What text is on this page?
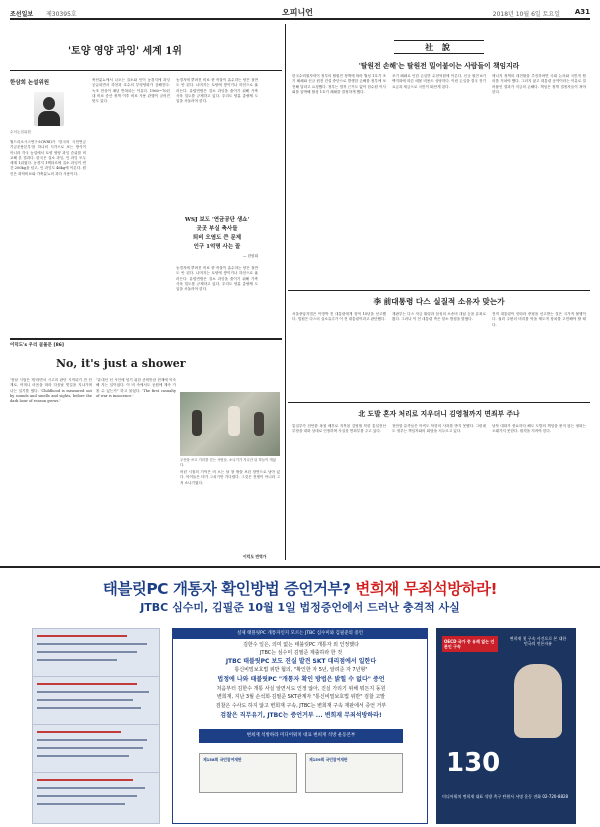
조선일보 제30395호	오피니언	2018년 10월 6일 토요일 A31
'토양 영양 과잉' 세계 1위
한삼희 논설위원
수석논설위원
월드리소시스연구소(WRI)가 '한국의 국민연금 기금운용본부'를 하나의 시각으로 보는 방식이 아니라 각국 농업에서 토양 영양 과잉 순위를 비교해 본 결과다. 한국은 질소 과잉, 인 과잉 모두 세계 1위였다. 농경지 1헥타르에 질소 과잉이 연간 200kg을 넘고, 인 과잉도 46kg에 이른다. 원인은 화학비료와 가축분뇨의 과다 사용이다.
축산분뇨에서 나오는 질소와 인이 농경지에 과잉 공급되면서 하천과 호수의 부영양화가 심해진다. 녹조 현상이 매년 반복되는 이유다. 1960~70년대 비료 증산 정책 이후 비료 사용 관행이 굳어진 탓도 있다.
농경지에 뿌려진 비료 중 작물이 흡수하는 양은 절반도 안 된다. 나머지는 토양에 쌓이거나 하천으로 흘러든다. 유럽연합은 질소 과잉을 줄이기 위해 가축 사육 밀도를 규제하고 있다. 우리도 양분 총량제 도입을 서둘러야 한다.
WSJ 보도 '연금공단 생쇼'
곳곳 부실 축사들
퇴비 오염도 큰 문제
인구 1억명 사는 꼴
— 한삼희
농경지에 뿌려진 비료 중 작물이 흡수하는 양은 절반도 안 된다. 나머지는 토양에 쌓이거나 하천으로 흘러든다. 유럽연합은 질소 과잉을 줄이기 위해 가축 사육 밀도를 규제하고 있다. 우리도 양분 총량제 도입을 서둘러야 한다.
이덕도's 우리 골몰문 [86]
No, it's just a shower
'장남 시험은 게'라면서 시고의 판단 시작되기 전 단계로, 어머니 마음을 따라 다음날 빗길을 지나가며 나는 일기를 썼다. 'Childhood is measured out by sounds and smells and sights, before the dark hour of reason grows.'
"유대인 선 시인에 넘기 위한 준비만큼 현재에 익숙해 지는 일이었다. 이 비 속에서도 공원에 계속 가 볼 수 있는가" 하고 물었다. 'The first casualty of war is innocence.'
우산을 쓰고 거리를 걷는 사람들. 소나기가 지나간 뒤 하늘이 개었다.
어린 시절의 기억은 비 오는 날 창 밖을 보던 장면으로 남아 있다. 아이들은 비가 그치기만 기다렸다. 그것은 전쟁이 아니라 그저 소나기였다.
이덕도 번역가
社 說
'탈원전 손해'는 탈원전 밀어붙이는 사람들이 책임지라
한국수력원자력이 정부의 탈원전 정책에 따라 월성 1호기 조기 폐쇄와 신규 원전 건설 중단으로 발생한 손해를 정부에 보전해 달라고 요청했다. 정부는 법적 근거도 없이 한수원 이사회를 압박해 월성 1호기 폐쇄를 결정하게 했다.
조기 폐쇄로 인한 손실만 수천억원에 이른다. 신규 원전 6기 백지화에 따른 매몰 비용도 상당하다. 이런 손실을 결국 전기요금과 세금으로 국민이 떠안게 된다.
에너지 정책의 대전환을 추진하려면 국회 논의와 국민적 합의를 거쳐야 했다. 그러지 않고 대통령 공약이라는 이유로 밀어붙인 결과가 지금의 손해다. 책임은 정책 결정자들이 져야 한다.
李 前대통령 다스 실질적 소유자 맞는가
서울중앙지법은 이명박 전 대통령에게 징역 15년을 선고했다. 법원은 다스의 실소유주가 이 전 대통령이라고 판단했다.
재판부는 다스 자금 횡령과 삼성의 소송비 대납 등을 유죄로 봤다. 그러나 이 전 대통령 측은 항소 방침을 밝혔다.
전직 대통령이 잇따라 중형을 선고받는 것은 국가적 불행이다. 권력 주변의 비리를 막을 제도적 장치를 고민해야 할 때다.
北 도발 혼자 처리로 지우더니 김영철까지 면죄부 주나
통일부가 천안함 폭침 배후로 지목된 김영철 북한 통일전선부장을 대화 상대로 인정하며 사실상 면죄부를 주고 있다.
천안함 유족들은 아직도 북한의 사과를 받지 못했다. 그런데도 정부는 책임자와의 회담을 서두르고 있다.
남북 대화가 중요하다 해도 도발의 책임을 묻지 않는 평화는 오래가지 못한다. 원칙을 지켜야 한다.
태블릿PC 개통자 확인방법 증언거부? 변희재 무죄석방하라!
JTBC 심수미, 김필준 10월 1일 법정증언에서 드러난 충격적 사실
실제 태블릿PC 개통자인지 모르는 JTBC 심수미와 김필준의 증언
김한수 일은, 의미 없는 태블릿PC 개통자 외 인정했다
JTBC는 심수미 김필준 제출하라 한 것
JTBC 태블릿PC 보도 진실 발견 SKT 대리점에서 일한다
통신비밀보호법 위반 혐의, "확인한 자 5년, 알려준 자 7년형"
법정에 나와 태블릿PC "개통자 확인 방법은 밝힐 수 없다" 증언
처음부터 김한수 개통 사실 알면서도 인정 않아, 진실 가리기 위해 뭐든지 동원
변희재, 지난 3월 손석희·김필준 SKT관계자 "통신비밀보호법 위반" 검찰 고발
검찰은 수사도 하지 않고 변희재 구속, JTBC는 변희재 구속 재판에서 증언 거부
검찰은 직무유기, JTBC는 증언거부 ... 변희재 무죄석방하라!
변희재 석방하라 미디어워치 대표 변희재 석방 운동본부
제158회 국민참여재판	제159회 국민참여재판
OECD 국가 중 유례 없는 언론인 구속
변희재 첫 구속 사건으로 본 대한민국의 언론자유
130
미디어워치 변희재 대표 석방 촉구 탄원서 서명 운동 전화 02-720-8828
